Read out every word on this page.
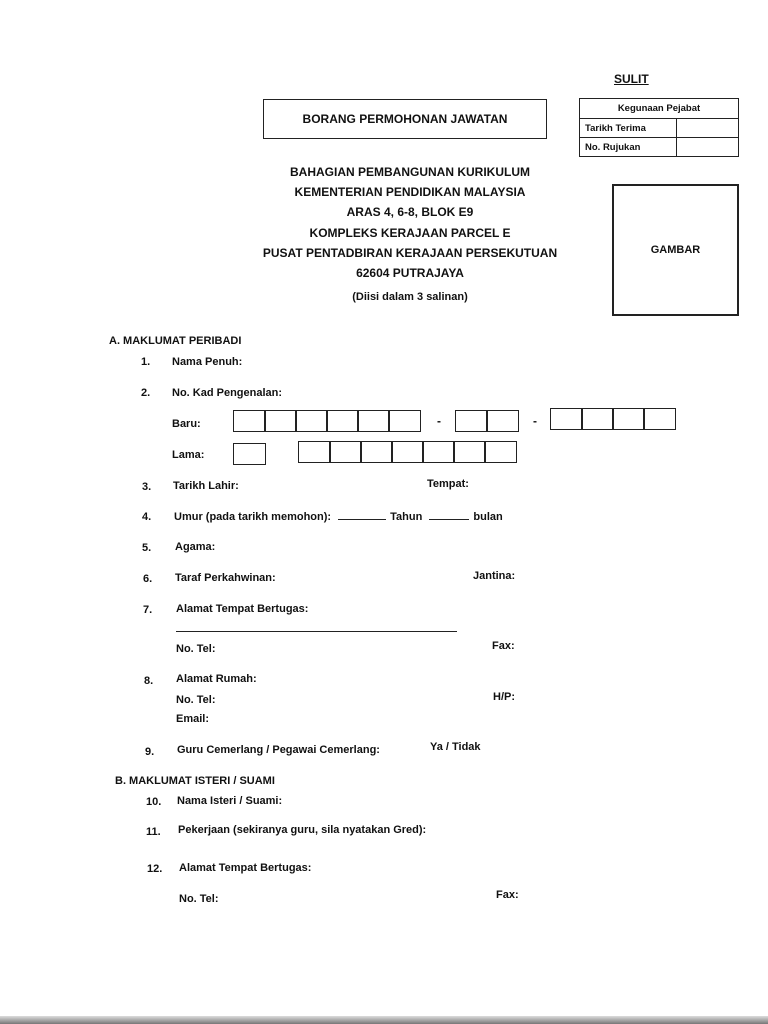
SULIT
BORANG PERMOHONAN JAWATAN
Kegunaan Pejabat	
Tarikh Terima	
No. Rujukan	
BAHAGIAN PEMBANGUNAN KURIKULUM
KEMENTERIAN PENDIDIKAN MALAYSIA
ARAS 4, 6-8, BLOK E9
KOMPLEKS KERAJAAN PARCEL E
PUSAT PENTADBIRAN KERAJAAN PERSEKUTUAN
62604 PUTRAJAYA
(Diisi dalam 3 salinan)
GAMBAR
A. MAKLUMAT PERIBADI
1. Nama Penuh:
2. No. Kad Pengenalan:
Baru:	-	-
Lama:
3. Tarikh Lahir:	Tempat:
4. Umur (pada tarikh memohon):	Tahun	bulan
5. Agama:
6. Taraf Perkahwinan:	Jantina:
7. Alamat Tempat Bertugas:
No. Tel:	Fax:
8. Alamat Rumah:
No. Tel:	H/P:
Email:
9. Guru Cemerlang / Pegawai Cemerlang:	Ya / Tidak
B. MAKLUMAT ISTERI / SUAMI
10. Nama Isteri / Suami:
11. Pekerjaan (sekiranya guru, sila nyatakan Gred):
12. Alamat Tempat Bertugas:
No. Tel:	Fax:
